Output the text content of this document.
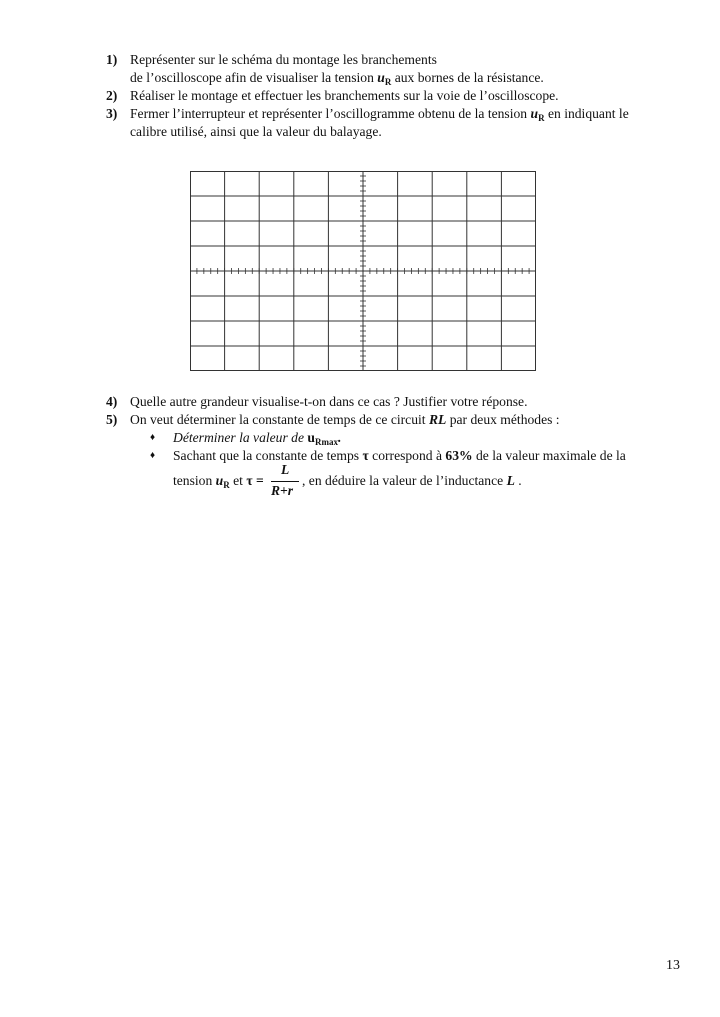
1) Représenter sur le schéma du montage les branchements
de l’oscilloscope afin de visualiser la tension $u_R$ aux bornes de la résistance.
2) Réaliser le montage et effectuer les branchements sur la voie de l’oscilloscope.
3) Fermer l’interrupteur et représenter l’oscillogramme obtenu de la tension $u_R$ en indiquant le
calibre utilisé, ainsi que la valeur du balayage.
4) Quelle autre grandeur visualise-t-on dans ce cas ? Justifier votre réponse.
5) On veut déterminer la constante de temps de ce circuit RL par deux méthodes :
♦ Déterminer la valeur de $u_{Rmax}$.
♦ Sachant que la constante de temps τ correspond à 63% de la valeur maximale de la
tension $u_R$ et τ =
L
R+r
, en déduire la valeur de l’inductance L .
13
